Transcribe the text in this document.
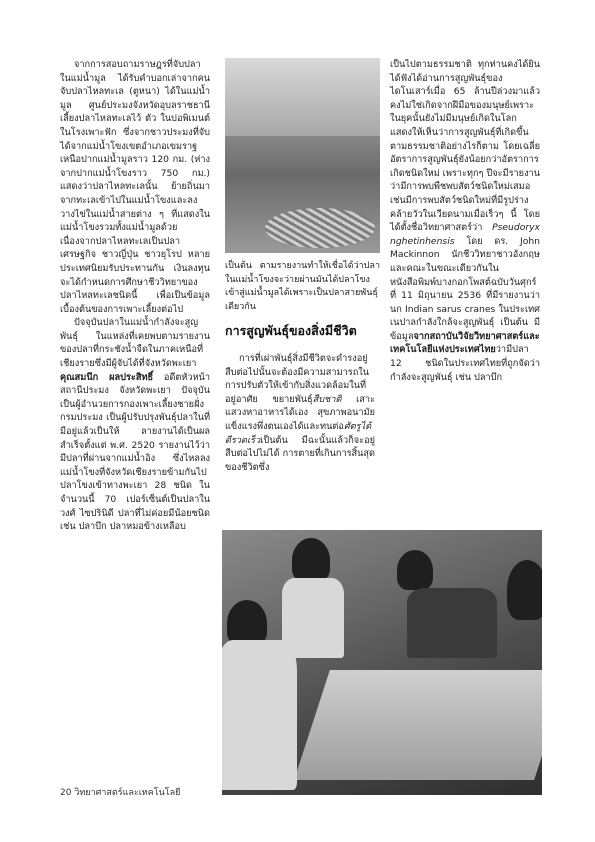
จากการสอบถามราษฎรที่จับปลาในแม่น้ำมูล ได้รับคำบอกเล่าจากคนจับปลาไหลทะเล (ตูหนา) ได้ในแม่น้ำมูล ศูนย์ประมงจังหวัดอุบลราชธานีเลี้ยงปลาไหลทะเลไว้ ตัว ในบ่อพิเมนต์ในโรงเพาะฟัก ซึ่งจากชาวประมงที่จับได้จากแม่น้ำโขงเขตอำเภอเขมราฐ เหนือปากแม่น้ำมูลราว 120 กม. (ห่างจากปากแม่น้ำโขงราว 750 กม.) แสดงว่าปลาไหลทะเลนั้น ย้ายถิ่นมาจากทะเลเข้าไปในแม่น้ำโขงและลงวางไข่ในแม่น้ำสายต่าง ๆ ที่แสดงในแม่น้ำโขงรวมทั้งแม่น้ำมูลด้วย เนื่องจากปลาไหลทะเลเป็นปลาเศรษฐกิจ ชาวญี่ปุ่น ชาวยุโรป หลายประเทศนิยมรับประทานกัน เงินลงทุนจะได้กำหนดการศึกษาชีววิทยาของปลาไหลทะเลชนิดนี้ เพื่อเป็นข้อมูลเบื้องต้นของการเพาะเลี้ยงต่อไป

ปัจจุบันปลาในแม่น้ำกำลังจะสูญพันธุ์ ในแหล่งที่เคยพบตามรายงานของปลาที่กระชังน้ำจืดในภาคเหนือที่เชียงรายซึ่งมีผู้จับได้ที่จังหวัดพะเยา คุณสมนึก ผลประสิทธิ์ อดีตหัวหน้าสถานีประมง จังหวัดพะเยา ปัจจุบันเป็นผู้อำนวยการกองเพาะเลี้ยงชายฝั่ง กรมประมง เป็นผู้ปรับปรุงพันธุ์ปลาในที่มีอยู่แล้วเป็นให้ ลายงานได้เป็นผลสำเร็จตั้งแต่ พ.ศ. 2520 รายงานไว้ว่ามีปลาที่ผ่านจากแม่น้ำอิง ซึ่งไหลลงแม่น้ำโขงที่จังหวัดเชียงรายข้ามกันไปปลาโขงเข้าทางพะเยา 28 ชนิด ในจำนวนนี้ 70 เปอร์เซ็นต์เป็นปลาในวงศ์ ไซปรินิดี ปลาที่ไม่ค่อยมีน้อยชนิด เช่น ปลาบึก ปลาหมอข้างเหลือบ

เป็นต้น ตามรายงานทำให้เชื่อได้ว่าปลาในแม่น้ำโขงจะว่ายผ่านมันได้ปลาโขงเข้าสู่แม่น้ำมูลได้เพราะเป็นปลาสายพันธุ์เดียวกัน
การสูญพันธุ์ของสิ่งมีชีวิต

การที่เผ่าพันธุ์สิ่งมีชีวิตจะดำรงอยู่สืบต่อไปนั้นจะต้องมีความสามารถในการปรับตัวให้เข้ากับสิ่งแวดล้อมในที่อยู่อาศัย ขยายพันธุ์สืบชาติ เสาะแสวงหาอาหารได้เอง สุขภาพอนามัยแข็งแรงพึ่งตนเองได้และทนต่อศัตรูได้ดีรวดเร็วเป็นต้น มีฉะนั้นแล้วก็จะอยู่สืบต่อไปไม่ได้ การตายที่เกินการสิ้นสุดของชีวิตซึ่ง

เป็นไปตามธรรมชาติ ทุกท่านคงได้ยินได้ฟังได้อ่านการสูญพันธุ์ของไดโนเสาร์เมื่อ 65 ล้านปีล่วงมาแล้ว คงไม่ใช่เกิดจากฝีมือของมนุษย์เพราะในยุคนั้นยังไม่มีมนุษย์เกิดในโลก แสดงให้เห็นว่าการสูญพันธุ์ที่เกิดขึ้นตามธรรมชาติอย่างไรก็ตาม โดยเฉลี่ยอัตราการสูญพันธุ์ยังน้อยกว่าอัตราการเกิดชนิดใหม่ เพราะทุกๆ ปีจะมีรายงานว่ามีการพบพืชพบสัตว์ชนิดใหม่เสมอ เช่นมีการพบสัตว์ชนิดใหม่ที่มีรูปร่างคล้ายวัวในเวียดนามเมื่อเร็วๆ นี้ โดยได้ตั้งชื่อวิทยาศาสตร์ว่า Pseudoryx nghetinhensis โดย ดร. John Mackinnon นักชีววิทยาชาวอังกฤษและคณะในขณะเดียวกันในหนังสือพิมพ์บางกอกโพสต์ฉบับวันศุกร์ที่ 11 มิถุนายน 2536 ที่มีรายงานว่า นก Indian sarus cranes ในประเทศเนปาลกำลังใกล้จะสูญพันธุ์ เป็นต้น มีข้อมูลจากสถาบันวิจัยวิทยาศาสตร์และเทคโนโลยีแห่งประเทศไทยว่ามีปลา 12 ชนิดในประเทศไทยที่ถูกจัดว่ากำลังจะสูญพันธุ์ เช่น ปลาบึก

20 วิทยาศาสตร์และเทคโนโลยี
